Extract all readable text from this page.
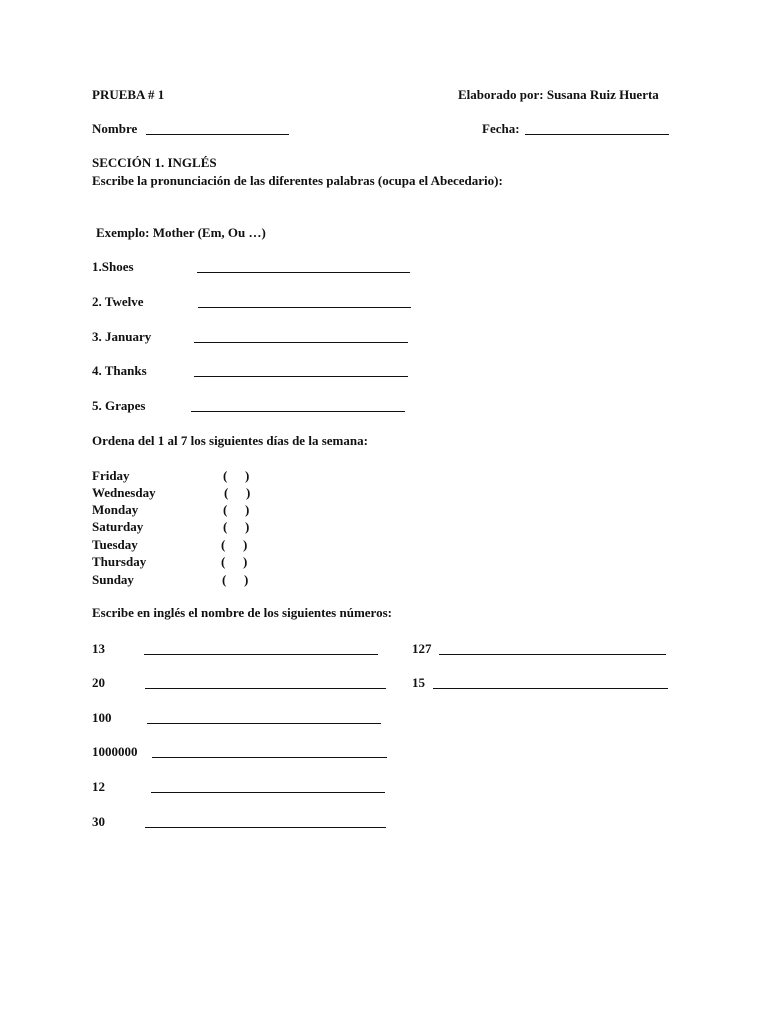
PRUEBA # 1	Elaborado por: Susana Ruiz Huerta
Nombre	Fecha:
SECCIÓN 1. INGLÉS
Escribe la pronunciación de las diferentes palabras (ocupa el Abecedario):
Exemplo: Mother (Em, Ou …)
1.Shoes
2. Twelve
3. January
4. Thanks
5. Grapes
Ordena del 1 al 7 los siguientes días de la semana:
Friday	( )
Wednesday	( )
Monday	( )
Saturday	( )
Tuesday	( )
Thursday	( )
Sunday	( )
Escribe en inglés el nombre de los siguientes números:
13	127
20	15
100
1000000
12
30
